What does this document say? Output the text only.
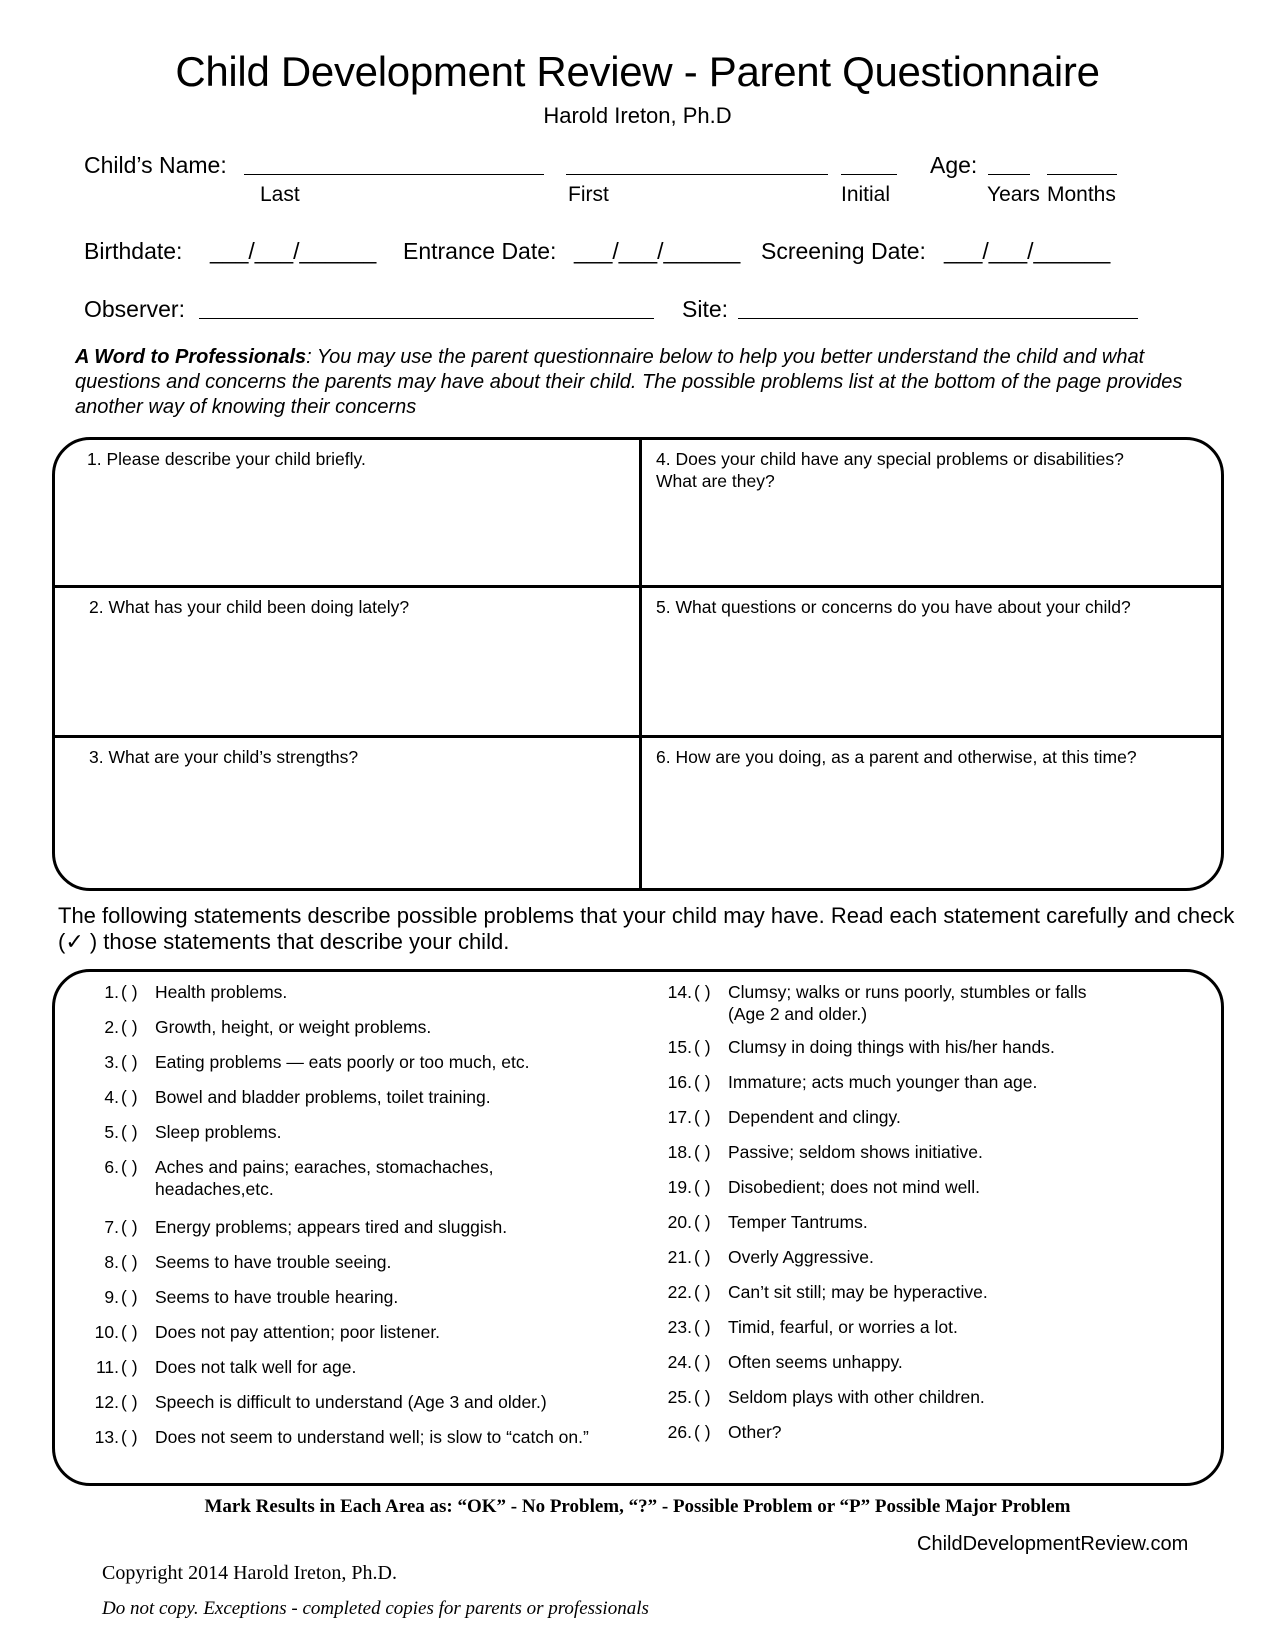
Child Development Review - Parent Questionnaire
Harold Ireton, Ph.D
Child’s Name:	Age:
Last	First	Initial	Years Months
Birthdate: ___/___/______ Entrance Date: ___/___/______ Screening Date: ___/___/______
Observer:	Site:
A Word to Professionals: You may use the parent questionnaire below to help you better understand the child and what questions and concerns the parents may have about their child. The possible problems list at the bottom of the page provides another way of knowing their concerns
1. Please describe your child briefly.
2. What has your child been doing lately?
3. What are your child’s strengths?
4. Does your child have any special problems or disabilities?
What are they?
5. What questions or concerns do you have about your child?
6. How are you doing, as a parent and otherwise, at this time?
The following statements describe possible problems that your child may have. Read each statement carefully and check (✓ ) those statements that describe your child.
1. ( ) Health problems.
2. ( ) Growth, height, or weight problems.
3. ( ) Eating problems — eats poorly or too much, etc.
4. ( ) Bowel and bladder problems, toilet training.
5. ( ) Sleep problems.
6. ( ) Aches and pains; earaches, stomachaches,
headaches,etc.
7. ( ) Energy problems; appears tired and sluggish.
8. ( ) Seems to have trouble seeing.
9. ( ) Seems to have trouble hearing.
10. ( ) Does not pay attention; poor listener.
11. ( ) Does not talk well for age.
12. ( ) Speech is difficult to understand (Age 3 and older.)
13. ( ) Does not seem to understand well; is slow to “catch on.”
14. ( ) Clumsy; walks or runs poorly, stumbles or falls
(Age 2 and older.)
15. ( ) Clumsy in doing things with his/her hands.
16. ( ) Immature; acts much younger than age.
17. ( ) Dependent and clingy.
18. ( ) Passive; seldom shows initiative.
19. ( ) Disobedient; does not mind well.
20. ( ) Temper Tantrums.
21. ( ) Overly Aggressive.
22. ( ) Can’t sit still; may be hyperactive.
23. ( ) Timid, fearful, or worries a lot.
24. ( ) Often seems unhappy.
25. ( ) Seldom plays with other children.
26. ( ) Other?
Mark Results in Each Area as: “OK” - No Problem, “?” - Possible Problem or “P” Possible Major Problem
ChildDevelopmentReview.com
Copyright 2014 Harold Ireton, Ph.D.
Do not copy. Exceptions - completed copies for parents or professionals
